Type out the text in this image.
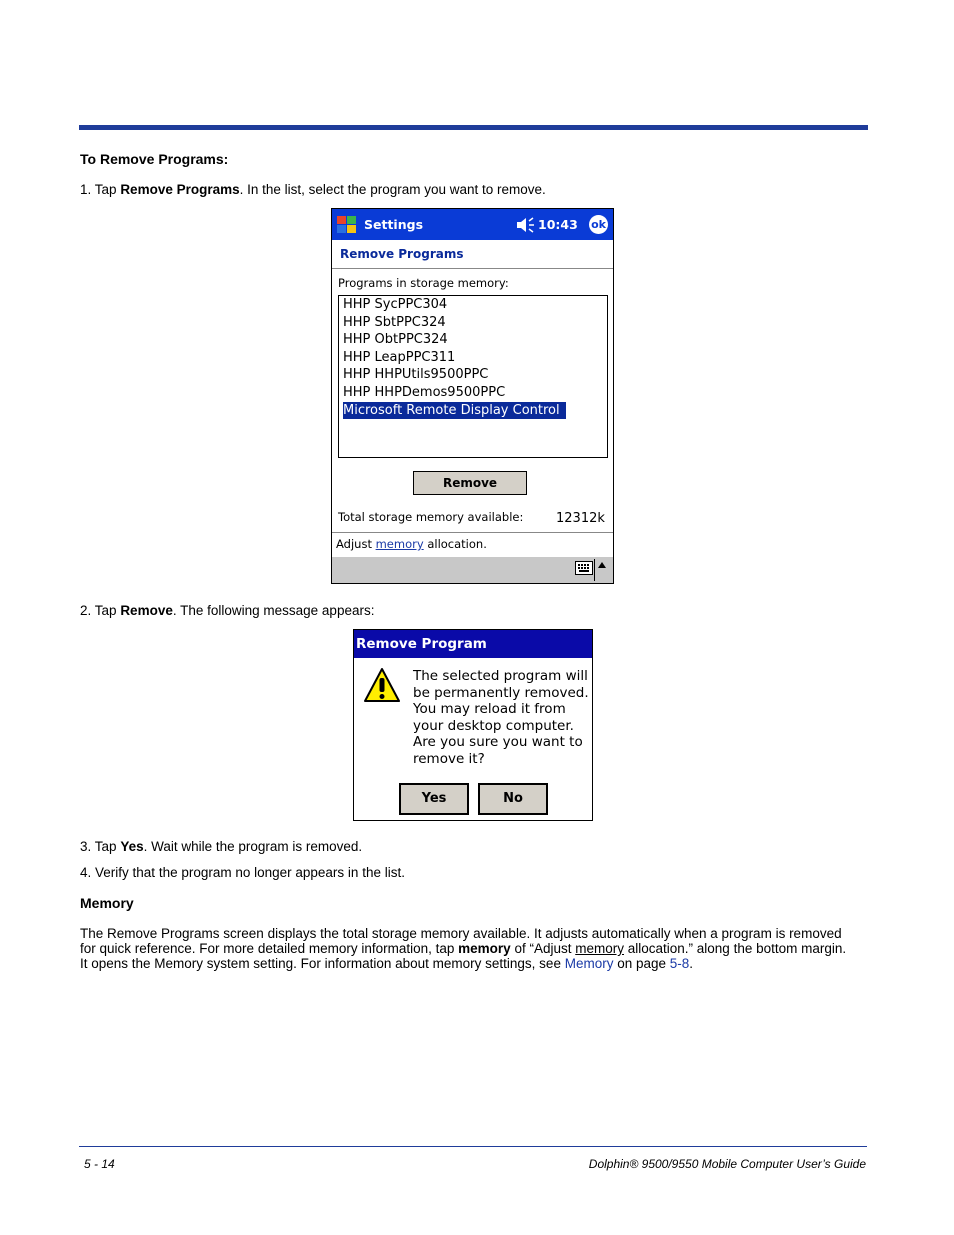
To Remove Programs:
1. Tap Remove Programs. In the list, select the program you want to remove.
Settings	10:43 ok
Remove Programs
Programs in storage memory:
HHP SycPPC304
HHP SbtPPC324
HHP ObtPPC324
HHP LeapPPC311
HHP HHPUtils9500PPC
HHP HHPDemos9500PPC
Microsoft Remote Display Control
Remove
Total storage memory available:	12312k
Adjust memory allocation.
2. Tap Remove. The following message appears:
Remove Program
The selected program will
be permanently removed.
You may reload it from
your desktop computer.
Are you sure you want to
remove it?
Yes	No
3. Tap Yes. Wait while the program is removed.
4. Verify that the program no longer appears in the list.
Memory
The Remove Programs screen displays the total storage memory available. It adjusts automatically when a program is removed
for quick reference. For more detailed memory information, tap memory of “Adjust memory allocation.” along the bottom margin.
It opens the Memory system setting. For information about memory settings, see Memory on page 5-8.
5 - 14	Dolphin® 9500/9550 Mobile Computer User’s Guide
